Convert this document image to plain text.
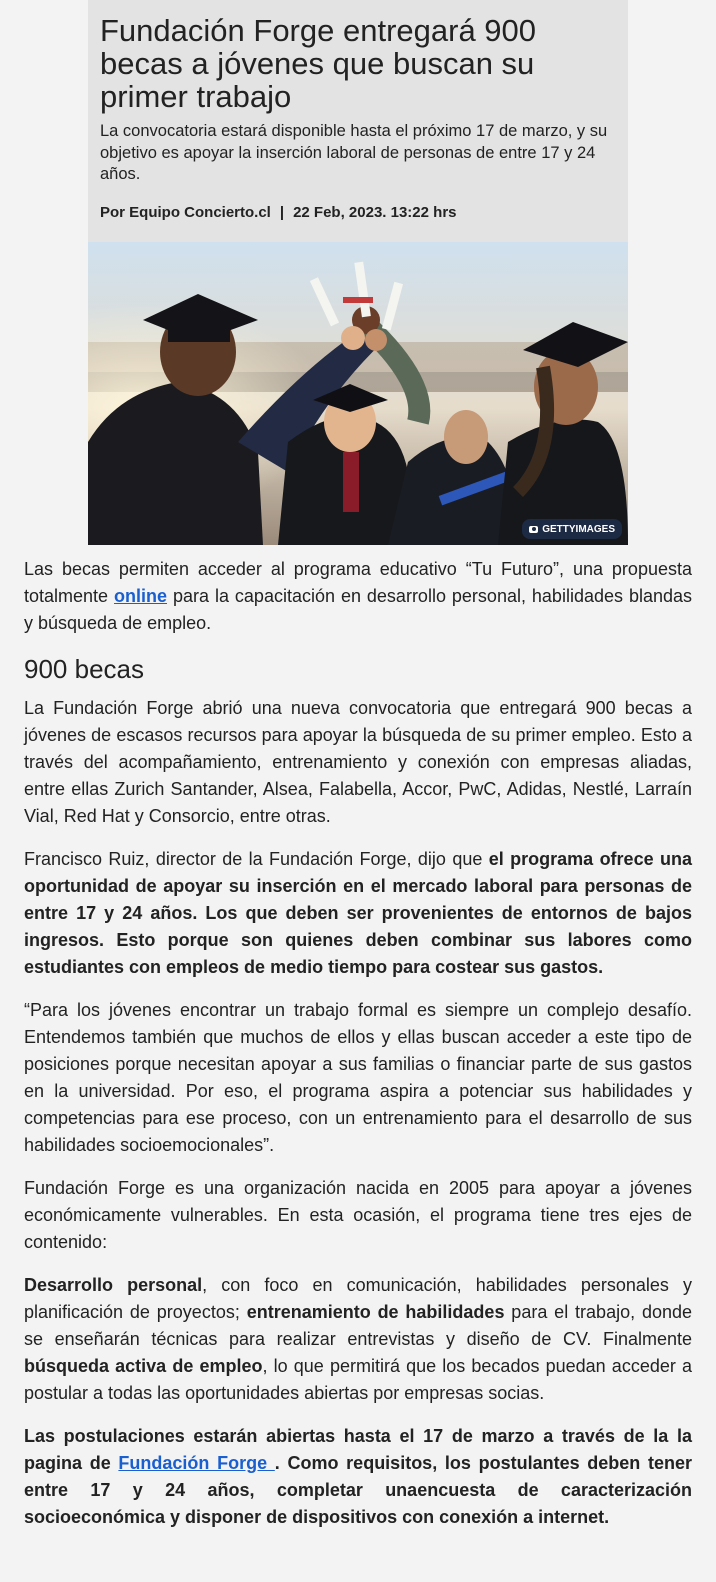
Fundación Forge entregará 900 becas a jóvenes que buscan su primer trabajo

La convocatoria estará disponible hasta el próximo 17 de marzo, y su objetivo es apoyar la inserción laboral de personas de entre 17 y 24 años.

Por Equipo Concierto.cl | 22 Feb, 2023. 13:22 hrs
GETTYIMAGES

Las becas permiten acceder al programa educativo “Tu Futuro”, una propuesta totalmente online para la capacitación en desarrollo personal, habilidades blandas y búsqueda de empleo.

900 becas

La Fundación Forge abrió una nueva convocatoria que entregará 900 becas a jóvenes de escasos recursos para apoyar la búsqueda de su primer empleo. Esto a través del acompañamiento, entrenamiento y conexión con empresas aliadas, entre ellas Zurich Santander, Alsea, Falabella, Accor, PwC, Adidas, Nestlé, Larraín Vial, Red Hat y Consorcio, entre otras.

Francisco Ruiz, director de la Fundación Forge, dijo que el programa ofrece una oportunidad de apoyar su inserción en el mercado laboral para personas de entre 17 y 24 años. Los que deben ser provenientes de entornos de bajos ingresos. Esto porque son quienes deben combinar sus labores como estudiantes con empleos de medio tiempo para costear sus gastos.

“Para los jóvenes encontrar un trabajo formal es siempre un complejo desafío. Entendemos también que muchos de ellos y ellas buscan acceder a este tipo de posiciones porque necesitan apoyar a sus familias o financiar parte de sus gastos en la universidad. Por eso, el programa aspira a potenciar sus habilidades y competencias para ese proceso, con un entrenamiento para el desarrollo de sus habilidades socioemocionales”.

Fundación Forge es una organización nacida en 2005 para apoyar a jóvenes económicamente vulnerables. En esta ocasión, el programa tiene tres ejes de contenido:

Desarrollo personal, con foco en comunicación, habilidades personales y planificación de proyectos; entrenamiento de habilidades para el trabajo, donde se enseñarán técnicas para realizar entrevistas y diseño de CV. Finalmente búsqueda activa de empleo, lo que permitirá que los becados puedan acceder a postular a todas las oportunidades abiertas por empresas socias.

Las postulaciones estarán abiertas hasta el 17 de marzo a través de la la pagina de Fundación Forge . Como requisitos, los postulantes deben tener entre 17 y 24 años, completar unaencuesta de caracterización socioeconómica y disponer de dispositivos con conexión a internet.
